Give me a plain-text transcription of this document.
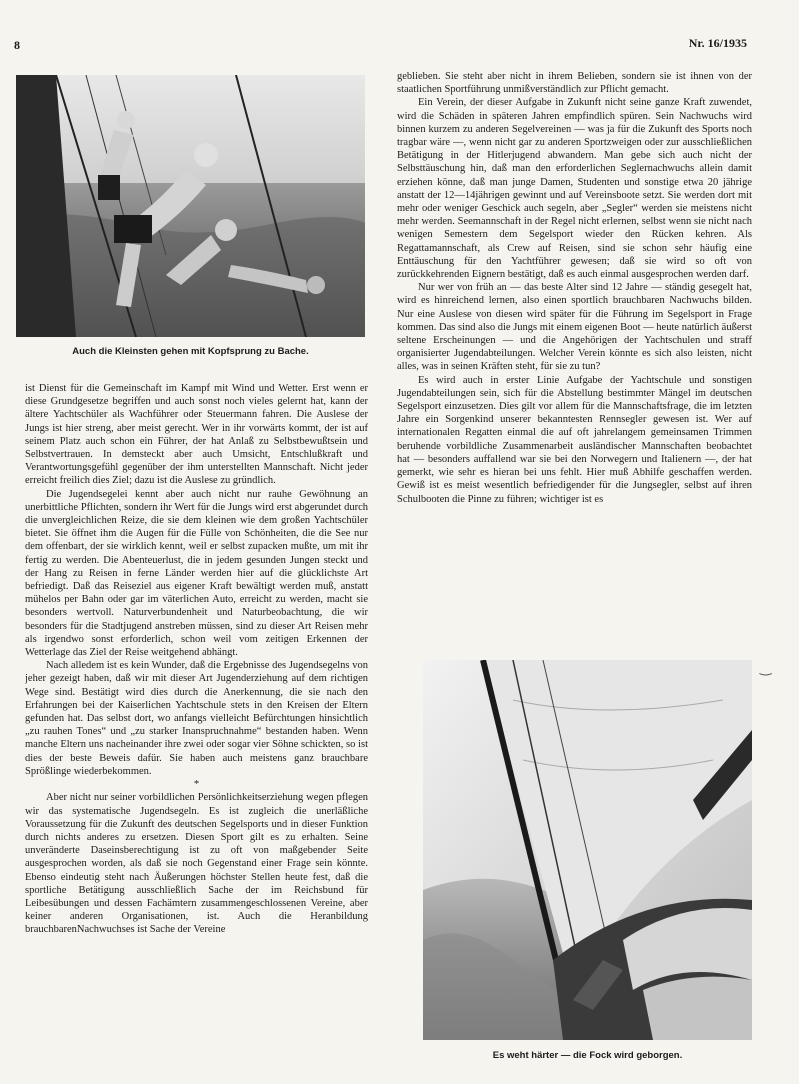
8	Nr. 16/1935
Auch die Kleinsten gehen mit Kopfsprung zu Bache.

ist Dienst für die Gemeinschaft im Kampf mit Wind und Wetter. Erst wenn er diese Grundgesetze begriffen und auch sonst noch vieles gelernt hat, kann der ältere Yachtschüler als Wachführer oder Steuermann fahren. Die Auslese der Jungs ist hier streng, aber meist gerecht. Wer in ihr vorwärts kommt, der ist auf seinem Platz auch schon ein Führer, der hat Anlaß zu Selbstbewußtsein und Selbstvertrauen. In demsteckt aber auch Umsicht, Entschlußkraft und Verantwortungsgefühl gegenüber der ihm unterstellten Mannschaft. Nicht jeder erreicht freilich dies Ziel; dazu ist die Auslese zu gründlich.

Die Jugendsegelei kennt aber auch nicht nur rauhe Gewöhnung an unerbittliche Pflichten, sondern ihr Wert für die Jungs wird erst abgerundet durch die unvergleichlichen Reize, die sie dem kleinen wie dem großen Yachtschüler bietet. Sie öffnet ihm die Augen für die Fülle von Schönheiten, die die See nur dem offenbart, der sie wirklich kennt, weil er selbst zupacken mußte, um mit ihr fertig zu werden. Die Abenteuerlust, die in jedem gesunden Jungen steckt und der Hang zu Reisen in ferne Länder werden hier auf die glücklichste Art befriedigt. Daß das Reiseziel aus eigener Kraft bewältigt werden muß, anstatt mühelos per Bahn oder gar im väterlichen Auto, erreicht zu werden, macht sie besonders wertvoll. Naturverbundenheit und Naturbeobachtung, die wir besonders für die Stadtjugend anstreben müssen, sind zu dieser Art Reisen mehr als irgendwo sonst erforderlich, schon weil vom zeitigen Erkennen der Wetterlage das Ziel der Reise weitgehend abhängt.

Nach alledem ist es kein Wunder, daß die Ergebnisse des Jugendsegelns von jeher gezeigt haben, daß wir mit dieser Art Jugenderziehung auf dem richtigen Wege sind. Bestätigt wird dies durch die Anerkennung, die sie nach den Erfahrungen bei der Kaiserlichen Yachtschule stets in den Kreisen der Eltern gefunden hat. Das selbst dort, wo anfangs vielleicht Befürchtungen hinsichtlich „zu rauhen Tones“ und „zu starker Inanspruchnahme“ bestanden haben. Wenn manche Eltern uns nacheinander ihre zwei oder sogar vier Söhne schickten, so ist dies der beste Beweis dafür. Sie haben auch meistens ganz brauchbare Sprößlinge wiederbekommen.

*

Aber nicht nur seiner vorbildlichen Persönlichkeitserziehung wegen pflegen wir das systematische Jugendsegeln. Es ist zugleich die unerläßliche Voraussetzung für die Zukunft des deutschen Segelsports und in dieser Funktion durch nichts anderes zu ersetzen. Diesen Sport gilt es zu erhalten. Seine unveränderte Daseinsberechtigung ist zu oft von maßgebender Seite ausgesprochen worden, als daß sie noch Gegenstand einer Frage sein könnte. Ebenso eindeutig steht nach Äußerungen höchster Stellen heute fest, daß die sportliche Betätigung ausschließlich Sache der im Reichsbund für Leibesübungen und dessen Fachämtern zusammengeschlossenen Vereine, aber keiner anderen Organisationen, ist. Auch die Heranbildung brauchbarenNachwuchses ist Sache der Vereine

geblieben. Sie steht aber nicht in ihrem Belieben, sondern sie ist ihnen von der staatlichen Sportführung unmißverständlich zur Pflicht gemacht.

Ein Verein, der dieser Aufgabe in Zukunft nicht seine ganze Kraft zuwendet, wird die Schäden in späteren Jahren empfindlich spüren. Sein Nachwuchs wird binnen kurzem zu anderen Segelvereinen — was ja für die Zukunft des Sports noch tragbar wäre —, wenn nicht gar zu anderen Sportzweigen oder zur ausschließlichen Betätigung in der Hitlerjugend abwandern. Man gebe sich auch nicht der Selbsttäuschung hin, daß man den erforderlichen Seglernachwuchs allein damit erziehen könne, daß man junge Damen, Studenten und sonstige etwa 20 jährige anstatt der 12—14jährigen gewinnt und auf Vereinsboote setzt. Sie werden dort mit mehr oder weniger Geschick auch segeln, aber „Segler“ werden sie meistens nicht mehr werden. Seemannschaft in der Regel nicht erlernen, selbst wenn sie nicht nach wenigen Semestern dem Segelsport wieder den Rücken kehren. Als Regattamannschaft, als Crew auf Reisen, sind sie schon sehr häufig eine Enttäuschung für den Yachtführer gewesen; daß sie wird so oft von zurückkehrenden Eignern bestätigt, daß es auch einmal ausgesprochen werden darf.

Nur wer von früh an — das beste Alter sind 12 Jahre — ständig gesegelt hat, wird es hinreichend lernen, also einen sportlich brauchbaren Nachwuchs bilden. Nur eine Auslese von diesen wird später für die Führung im Segelsport in Frage kommen. Das sind also die Jungs mit einem eigenen Boot — heute natürlich äußerst seltene Erscheinungen — und die Angehörigen der Yachtschulen und straff organisierter Jugendabteilungen. Welcher Verein könnte es sich also leisten, nicht alles, was in seinen Kräften steht, für sie zu tun?

Es wird auch in erster Linie Aufgabe der Yachtschule und sonstigen Jugendabteilungen sein, sich für die Abstellung bestimmter Mängel im deutschen Segelsport einzusetzen. Dies gilt vor allem für die Mannschaftsfrage, die im letzten Jahre ein Sorgenkind unserer bekanntesten Rennsegler gewesen ist. Wer auf internationalen Regatten einmal die auf oft jahrelangem gemeinsamen Trimmen beruhende vorbildliche Zusammenarbeit ausländischer Mannschaften beobachtet hat — besonders auffallend war sie bei den Norwegern und Italienern —, der hat gemerkt, wie sehr es hieran bei uns fehlt. Hier muß Abhilfe geschaffen werden. Gewiß ist es meist wesentlich befriedigender für die Jungsegler, selbst auf ihren Schulbooten die Pinne zu führen; wichtiger ist es

Es weht härter — die Fock wird geborgen.
‿
